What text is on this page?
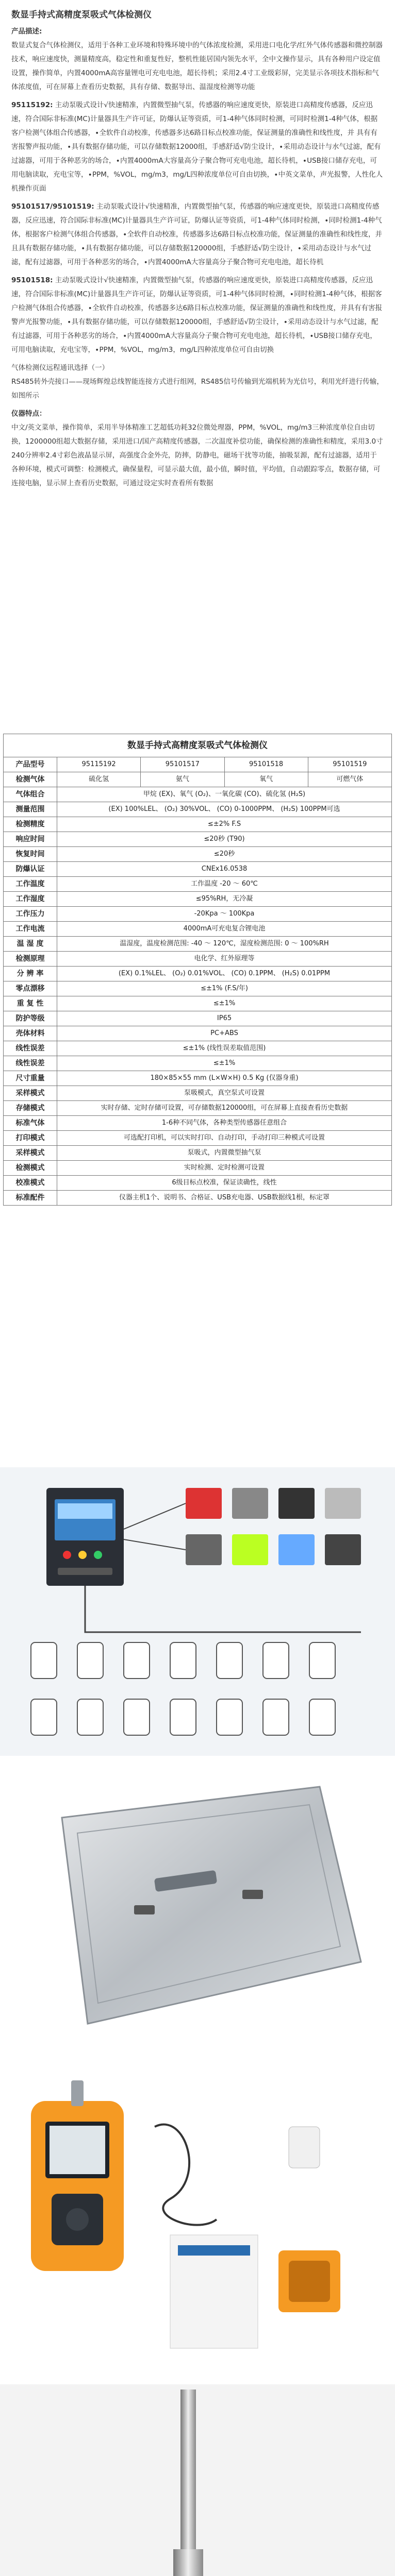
数显手持式高精度泵吸式气体检测仪

产品描述:

数显式复合气体检测仪，适用于各种工业环境和特殊环境中的气体浓度检测，采用进口电化学/红外气体传感器和微控制器技术，响应速度快，测量精度高，稳定性和重复性好，整机性能居国内领先水平，全中文操作显示，具有各种用户设定值设置，操作简单，内置4000mA高容量锂电可充电电池，超长待机；采用2.4寸工业级彩屏，完美显示各项技术指标和气体浓度值，可在屏幕上查看历史数据，具有存储、数据导出、温湿度检测等功能

95115192: 主动泵吸式设计√快速精准，内置微型抽气泵，传感器的响应速度更快，原装进口高精度传感器，反应迅速，符合国际非标准(MC)计量器具生产许可证，防爆认证等资质，可1-4种气体同时检测，可同时检测1-4种气体，根据客户检测气体组合传感器，∙全软件自动校准，传感器多达6路目标点校准功能，保证测量的准确性和线性度，并 具有有害报警声报功能，∙具有数据存储功能，可以存储数据12000组，手感舒适√防尘设计，∙采用动态设计与水气过滤，配有过滤器，可用于各种恶劣的场合，∙内置4000mA大容量高分子聚合物可充电电池，超长待机，∙USB接口储存充电，可用电脑读取，充电宝等，∙PPM，%VOL，mg/m3，mg/L四种浓度单位可自由切换，∙中英文菜单，声光报警，人性化人机操作页面

95101517/95101519: 主动泵吸式设计√快速精准，内置微型抽气泵，传感器的响应速度更快，原装进口高精度传感器，反应迅速，符合国际非标准(MC)计量器具生产许可证，防爆认证等资质，可1-4种气体同时检测，∙同时检测1-4种气体，根据客户检测气体组合传感器，∙全软件自动校准，传感器多达6路目标点校准功能，保证测量的准确性和线性度，并且具有数据存储功能，∙具有数据存储功能，可以存储数据120000组，手感舒适√防尘设计，∙采用动态设计与水气过滤，配有过滤器，可用于各种恶劣的场合，∙内置4000mA大容量高分子聚合物可充电电池，超长待机

95101518: 主动泵吸式设计√快速精准，内置微型抽气泵，传感器的响应速度更快，原装进口高精度传感器，反应迅速，符合国际非标准(MC)计量器具生产许可证，防爆认证等资质，可1-4种气体同时检测，∙同时检测1-4种气体，根据客户检测气体组合传感器，∙全软件自动校准，传感器多达6路目标点校准功能，保证测量的准确性和线性度，并具有有害报警声光报警功能，∙具有数据存储功能，可以存储数据120000组，手感舒适√防尘设计，∙采用动态设计与水气过滤，配有过滤器，可用于各种恶劣的场合，∙内置4000mA大容量高分子聚合物可充电电池，超长待机，∙USB接口储存充电，可用电脑读取，充电宝等，∙PPM，%VOL，mg/m3，mg/L四种浓度单位可自由切换

气体检测仪远程通讯选择（一）

RS485转外壳接口——现场辉煌总线智能连接方式进行组网，RS485信号传输到光端机转为光信号，利用光纤进行传输，如图所示

仪器特点：

中文/英文菜单，操作简单，采用半导体精准工艺超低功耗32位微处理器，PPM，%VOL，mg/m3三种浓度单位自由切换，1200000组超大数据存储，采用进口/国产高精度传感器，二次温度补偿功能，确保检测的准确性和精度，采用3.0寸240分辨率2.4寸彩色液晶显示屏，高强度合金外壳，防摔，防静电，磁场干扰等功能，抽吸泵源，配有过滤器，适用于各种环境，模式可调整：检测模式，确保量程，可显示最大值，最小值，瞬时值，平均值，自动跟踪零点，数据存储，可连接电脑，显示屏上查看历史数据，可通过设定实时查看所有数据

数显手持式高精度泵吸式气体检测仪
产品型号	95115192	95101517	95101518	95101519
检测气体	硫化氢	氨气	氧气	可燃气体
气体组合	甲烷 (EX)、氧气 (O₂)、一氧化碳 (CO)、硫化氢 (H₂S)			
测量范围	(EX) 100%LEL、 (O₂) 30%VOL、 (CO) 0-1000PPM、 (H₂S) 100PPM可选			
检测精度	≤±2% F.S			
响应时间	≤20秒 (T90)			
恢复时间	≤20秒			
防爆认证	CNEx16.0538			
工作温度	工作温度 -20 ～ 60℃			
工作湿度	≤95%RH，无冷凝			
工作压力	-20Kpa ～ 100Kpa			
工作电流	4000mA可充电复合锂电池			
温 湿 度	温湿度，温度检测范围: -40 ～ 120℃，湿度检测范围: 0 ～ 100%RH			
检测原理	电化学、红外原理等			
分 辨 率	(EX) 0.1%LEL、 (O₂) 0.01%VOL、 (CO) 0.1PPM、 (H₂S) 0.01PPM			
零点漂移	≤±1% (F.S/年)			
重 复 性	≤±1%			
防护等级	IP65			
壳体材料	PC+ABS			
线性误差	≤±1% (线性误差取值范围)			
线性误差	≤±1%			
尺寸重量	180×85×55 mm (L×W×H) 0.5 Kg (仅器身重)			
采样模式	泵吸模式，真空泵式可设置			
存储模式	实时存储、定时存储可设置，可存储数据120000组，可在屏幕上直接查看历史数据			
标准气体	1-6种不同气体，各种类型传感器任意组合			
打印模式	可选配打印机，可以实时打印、自动打印，手动打印三种模式可设置			
采样模式	泵吸式，内置微型抽气泵			
检测模式	实时检测、定时检测可设置			
校准模式	6级目标点校准，保证读确性，线性			
标准配件	仪器主机1个、说明书、合格证、USB充电器、USB数据线1根，标定罩			
